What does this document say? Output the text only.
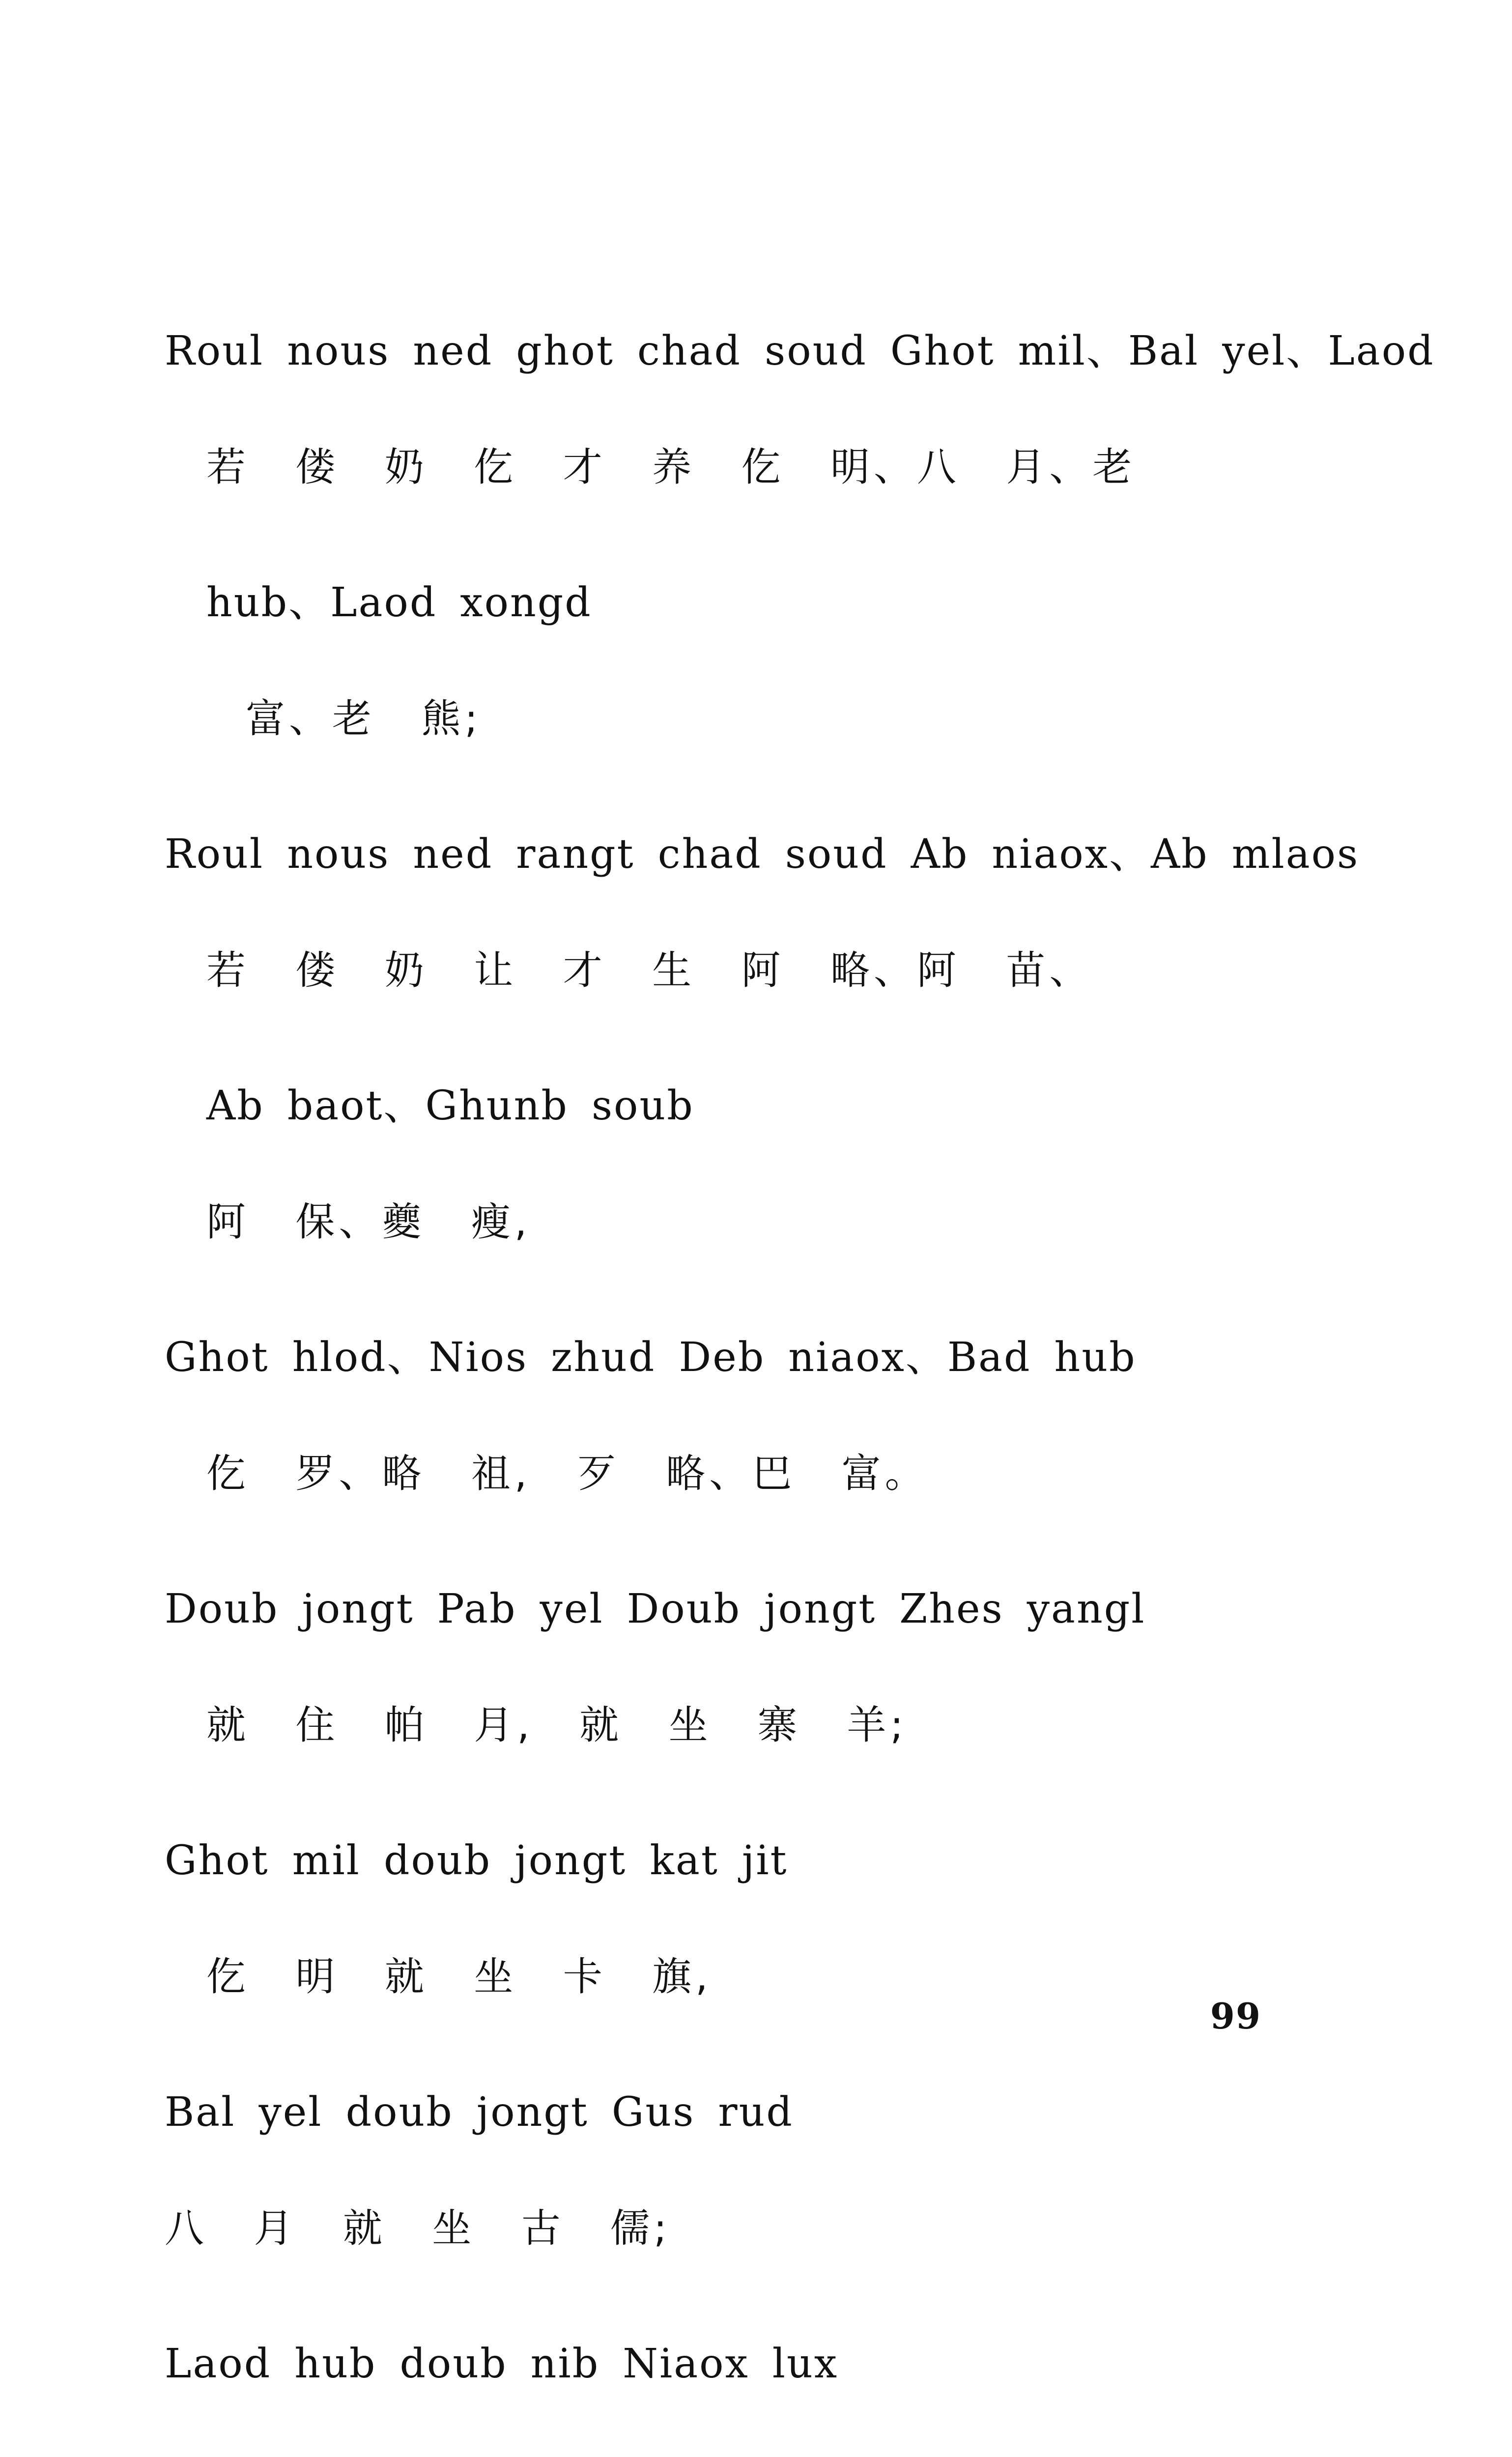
Roul nous ned ghot chad soud Ghot mil、Bal yel、Laod
若 偻 奶 仡 才 养 仡 明、八 月、老
hub、Laod xongd
富、老 熊;
Roul nous ned rangt chad soud Ab niaox、Ab mlaos
若 偻 奶 让 才 生 阿 略、阿 苗、
Ab baot、Ghunb soub
阿 保、夔 瘦,
Ghot hlod、Nios zhud Deb niaox、Bad hub
仡 罗、略 祖, 歹 略、巴 富。
Doub jongt Pab yel Doub jongt Zhes yangl
就 住 帕 月, 就 坐 寨 羊;
Ghot mil doub jongt kat jit
仡 明 就 坐 卡 旗,
Bal yel doub jongt Gus rud
八 月 就 坐 古 儒;
Laod hub doub nib Niaox lux
99
